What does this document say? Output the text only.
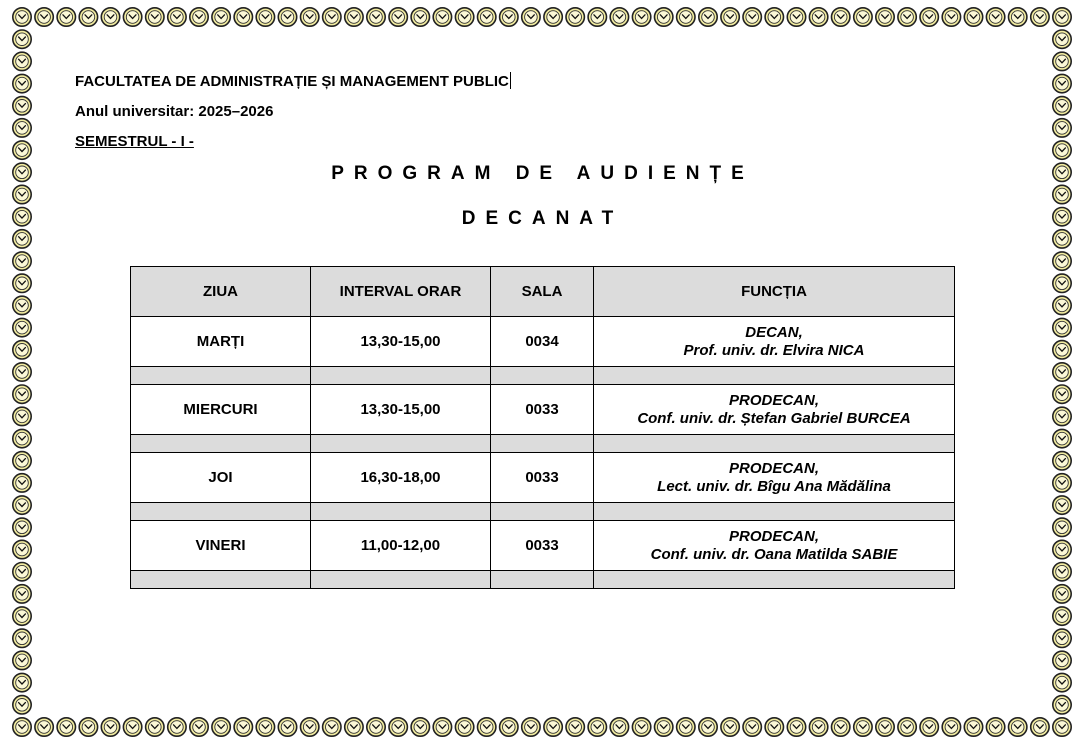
FACULTATEA DE ADMINISTRAȚIE ȘI MANAGEMENT PUBLIC
Anul universitar: 2025–2026
SEMESTRUL - I -
PROGRAM DE AUDIENȚE
DECANAT
ZIUA	INTERVAL ORAR	SALA	FUNCȚIA
MARȚI	13,30-15,00	0034	DECAN,
Prof. univ. dr. Elvira NICA

MIERCURI	13,30-15,00	0033	PRODECAN,
Conf. univ. dr. Ștefan Gabriel BURCEA

JOI	16,30-18,00	0033	PRODECAN,
Lect. univ. dr. Bîgu Ana Mădălina

VINERI	11,00-12,00	0033	PRODECAN,
Conf. univ. dr. Oana Matilda SABIE
